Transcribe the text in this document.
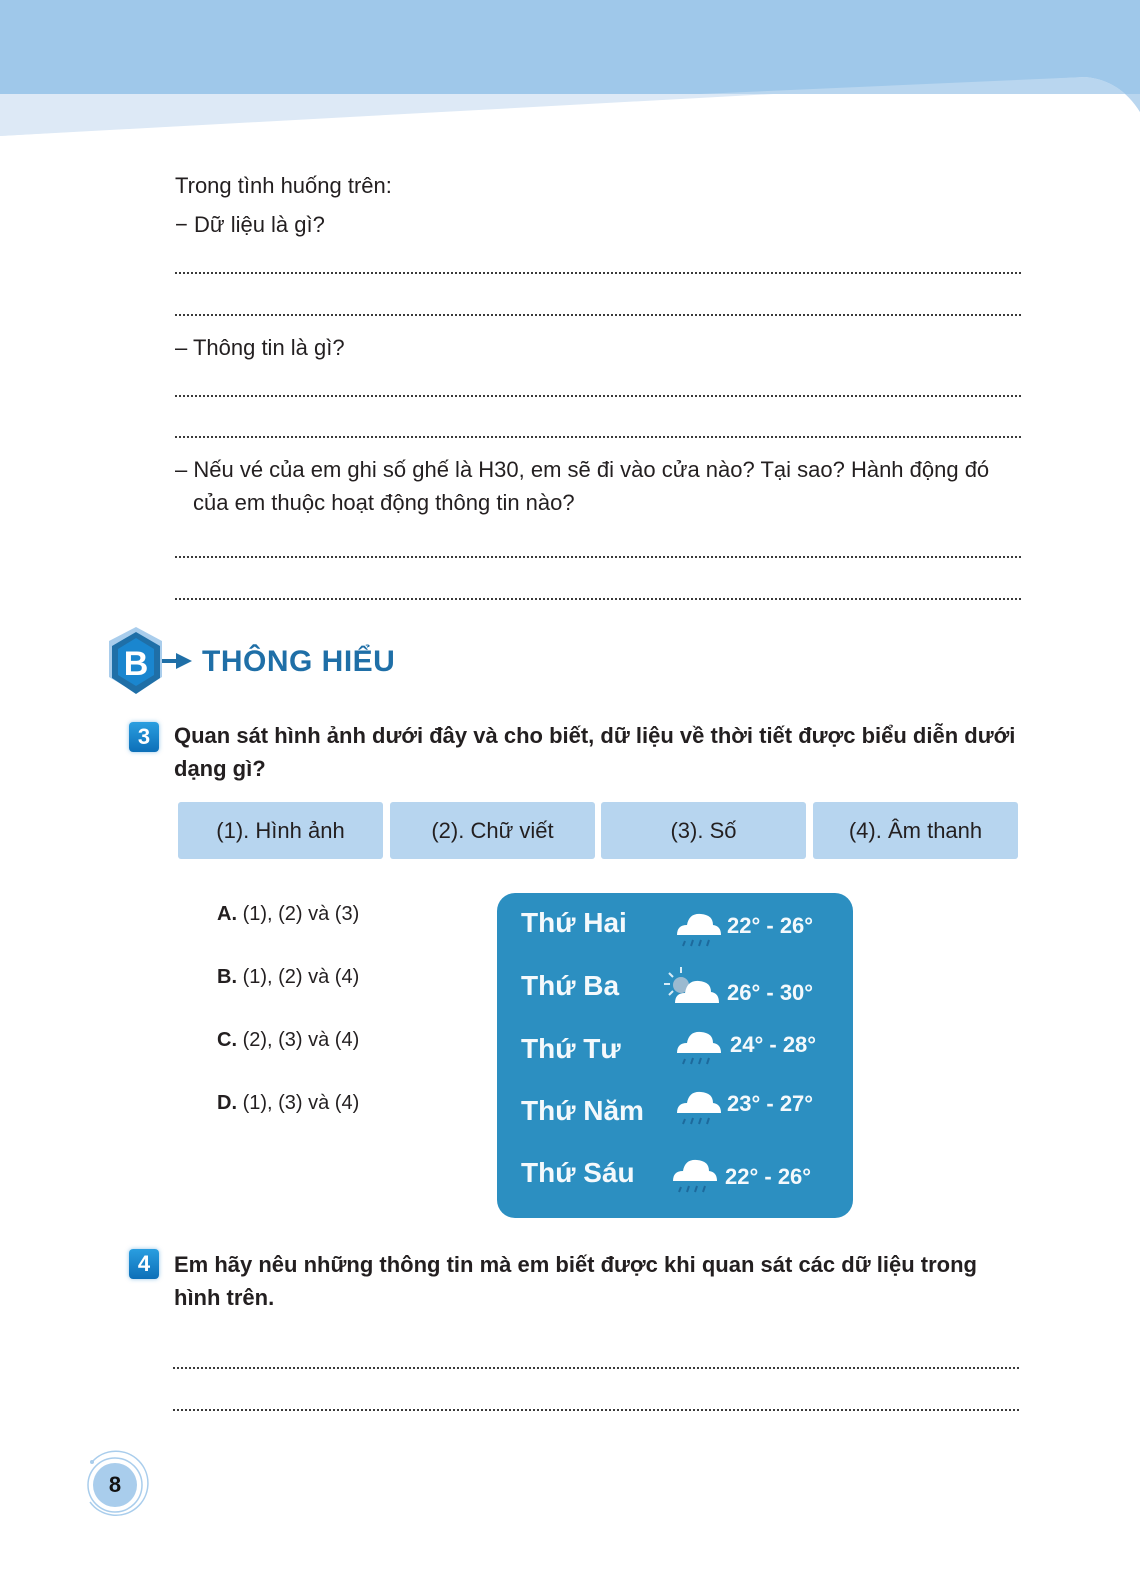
Trong tình huống trên:
− Dữ liệu là gì?
– Thông tin là gì?
– Nếu vé của em ghi số ghế là H30, em sẽ đi vào cửa nào? Tại sao? Hành động đó
của em thuộc hoạt động thông tin nào?
B THÔNG HIỂU
3	Quan sát hình ảnh dưới đây và cho biết, dữ liệu về thời tiết được biểu diễn dưới
dạng gì?
(1). Hình ảnh	(2). Chữ viết	(3). Số	(4). Âm thanh
A. (1), (2) và (3)
B. (1), (2) và (4)
C. (2), (3) và (4)
D. (1), (3) và (4)
Thứ Hai	22° - 26°
Thứ Ba	26° - 30°
Thứ Tư	24° - 28°
Thứ Năm	23° - 27°
Thứ Sáu	22° - 26°
4	Em hãy nêu những thông tin mà em biết được khi quan sát các dữ liệu trong
hình trên.
8
